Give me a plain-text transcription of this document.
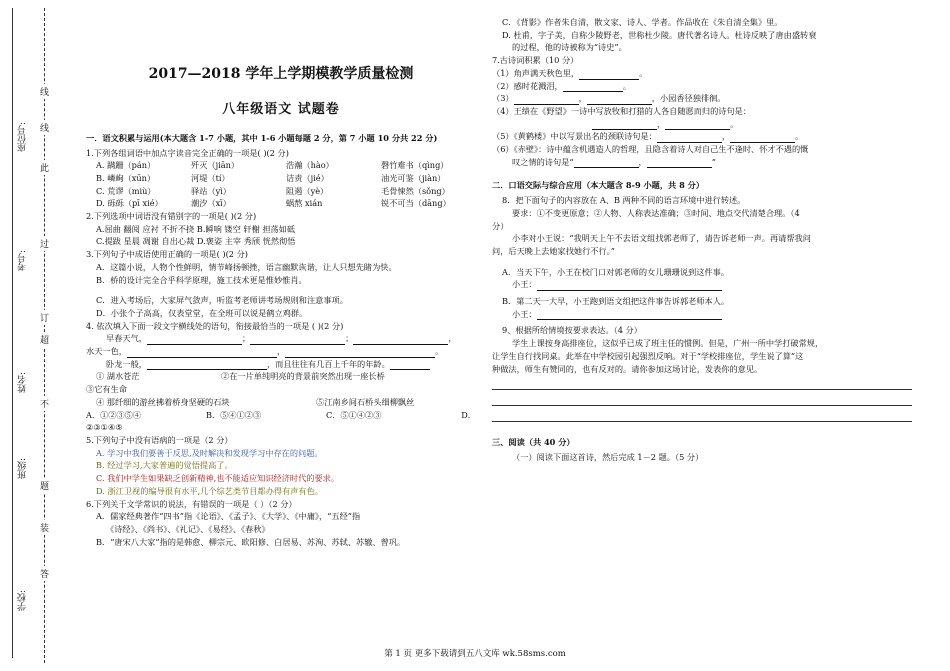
座位号:
考号:
姓名:
班级:
学校:
线
线
此
过
订
超
不
题
装
答
2017—2018 学年上学期模教学质量检测
八年级语文 试题卷

一．语文积累与运用(本大题含 1-7 小题，其中 1-6 小题每题 2 分，第 7 小题 10 分共 22 分)

1.下列各组词语中加点字读音完全正确的一项是( )(2 分)

A. 蹒跚（pán）	歼灭（jiān）	浩瀚（hào）	磬竹难书（qìng）
B. 嶙峋（xūn）	河堤（tí）	诘责（jié）	油光可鉴（jiàn）
C. 荒谬（miù）	驿站（yì）	阻遏（yè）	毛骨悚然（sǒng）
D. 砾砾（pī xié）	潮汐（xī）	蜗熬 xián	锐不可当（dāng）

2.下列选项中词语没有错别字的一项是( )(2 分)

A.屈曲 翻阅 应衬 不折不挠 B.瞬响 镂空 轩榭 担荡如砥

C.提跋 星晨 凋谢 自出心裁 D.褒姿 主宰 秀颀 恍然彻悟

3.下列句子中成语使用正确的一项是( )(2 分)

A．这篇小说，人物个性鲜明，情节峰扬顿挫，语言幽默诙谐，让人只想先睹为快。

B．桥的设计完全合乎科学原理，施工技术更是惟妙惟肖。

C．进入考场后，大家屏气敛声，听监考老师讲考场规则和注意事项。

D．小张个子高高，仅表堂堂，在全班可以说是鹤立鸡群。

4. 依次填入下面一段文字横线处的语句，衔接最恰当的一项是 ( )(2 分)

早春天气，	；	；	，

水天一色，	，	。

卧龙一般，	，而且往往有几百上千年的年龄。

① 湖水苍茫	②在一片单纯明亮的背景前突然出现一座长桥

③它有生命

④ 那纤细的游丝拂着桥身坚硬的石块	⑤江南乡间石桥头细柳飘丝
A．①②③⑤④	B．⑤④①②③	C．⑤①④②③	D．

②③①④⑤

5.下列句子中没有语病的一项是（2 分）

A. 学习中我们要善于反思,及时解决和发现学习中存在的问题。

B. 经过学习,大家普遍的觉悟提高了。

C. 我们中学生如果缺乏创新精神,也不能适应知识经济时代的要求。

D. 浙江卫视的编导很有水平,几个综艺类节目都办得有声有色。

6.下列关于文学常识的说法，有错误的一项是（ ）（2 分）

A．儒家经典著作“四书”指《论语》、《孟子》、《大学》、《中庸》，“五经”指

《诗经》、《尚书》、《礼记》、《易经》、《春秋》

B．“唐宋八大家”指的是韩愈、柳宗元、欧阳修、白居易、苏洵、苏轼、苏辙、曾巩。

C．《背影》作者朱自清，散文家、诗人、学者。作品收在《朱自清全集》里。

D. 杜甫，字子美，自称少陵野老，世称杜少陵。唐代著名诗人。杜诗反映了唐由盛转衰

的过程，他的诗被称为“诗史”。

7.古诗词积累（10 分）

（1）角声满天秋色里，	。

（2）感时花溅泪，	。

（3）	，	，小园香径独徘徊。

（4）王绩在《野望》一诗中写放牧和打猎的人各自随愿而归的诗句是：

，	。

（5）《黄鹤楼》中以写景出名的颈联诗句是：	，	。

（6）《赤壁》：诗中蕴含机遇造人的哲理，且隐含着诗人对自己生不逢时、怀才不遇的慨

叹之情的诗句是“	，	”

二．口语交际与综合应用（本大题含 8-9 小题，共 8 分）

8．把下面句子的内容放在 A、B 两种不同的语言环境中进行转述。

要求：①不变更原意；②人物、人称表达准确；③时间、地点交代清楚合理。（4

分）

小李对小王说：“我明天上午不去语文组找郭老师了，请告诉老师一声。再请帮我问

问，后天晚上去她家找她行不行。”

A．当天下午，小王在校门口对郭老师的女儿珊珊说到这件事。

小王：

B．第二天一大早，小王跑到语文组把这件事告诉郭老师本人。

小王：

9、根据所给情境按要求表达。（4 分）

学生上课按身高排座位，这似乎已成了班主任的惯例。但是，广州一所中学打破常规，

让学生自行找同桌。此举在中学校园引起强烈反响。对于“学校排座位，学生说了算”这

种做法，师生有赞同的，也有反对的。请你参加这场讨论，发表你的意见。

三、阅读（共 40 分）

（一）阅读下面这首诗，然后完成 1－2 题。（5 分）

第 1 页 更多下载请到五八文库 wk.58sms.com
